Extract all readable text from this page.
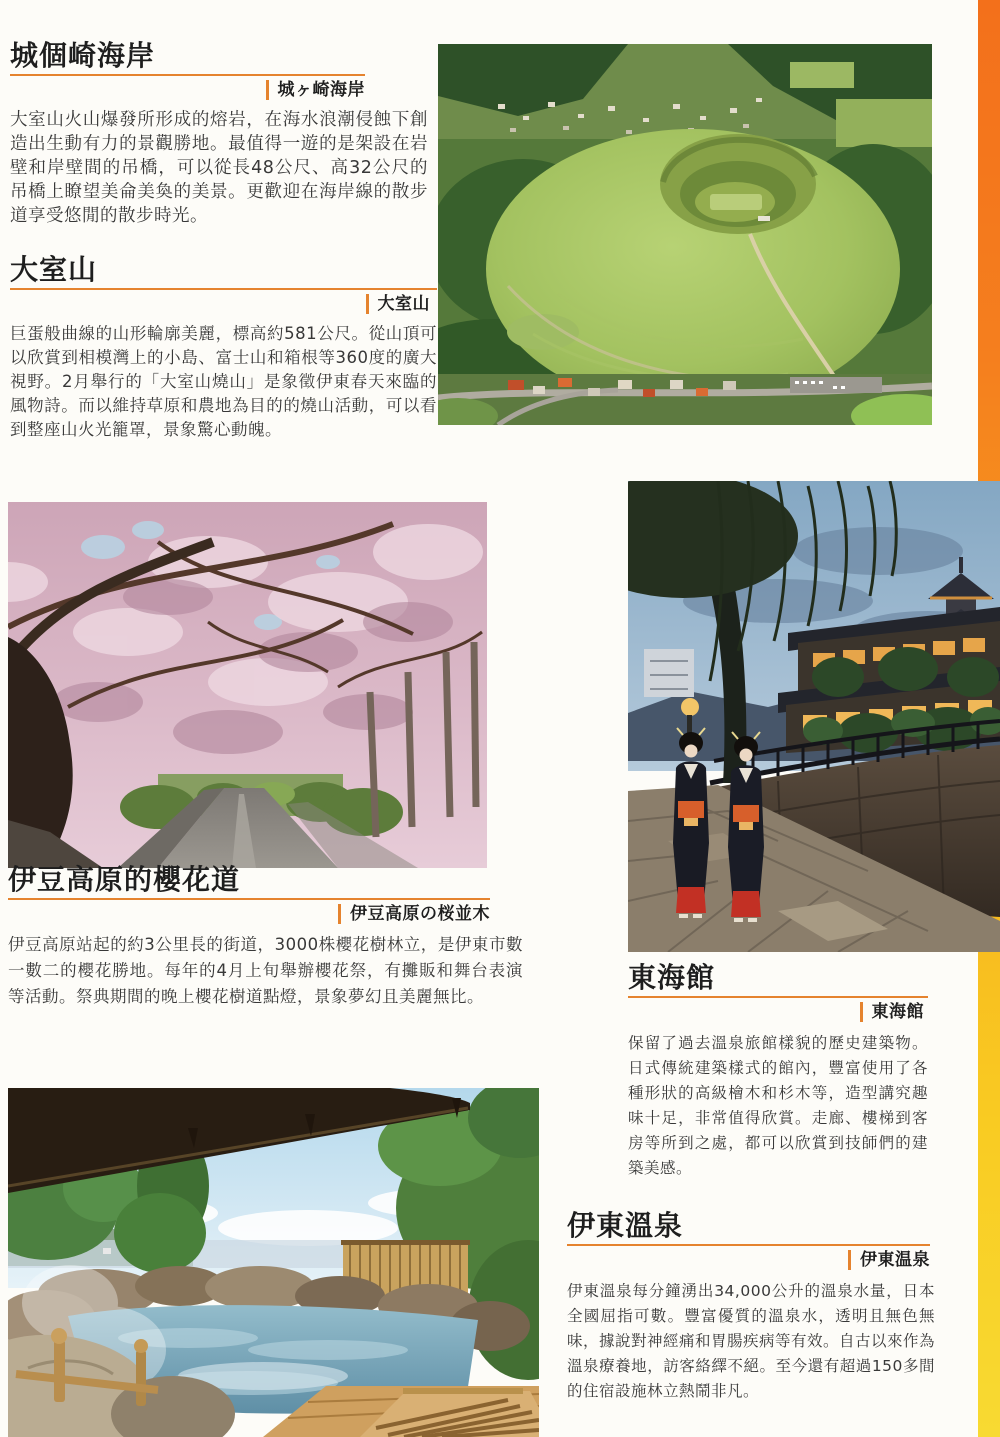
城個崎海岸
城ヶ崎海岸

大室山火山爆發所形成的熔岩，在海水浪潮侵蝕下創造出生動有力的景觀勝地。最值得一遊的是架設在岩壁和岸壁間的吊橋，可以從長48公尺、高32公尺的吊橋上瞭望美侖美奐的美景。更歡迎在海岸線的散步道享受悠閒的散步時光。

大室山
大室山

巨蛋般曲線的山形輪廓美麗，標高約581公尺。從山頂可以欣賞到相模灣上的小島、富士山和箱根等360度的廣大視野。2月舉行的「大室山燒山」是象徵伊東春天來臨的風物詩。而以維持草原和農地為目的的燒山活動，可以看到整座山火光籠罩，景象驚心動魄。

伊豆高原的櫻花道
伊豆高原の桜並木

伊豆高原站起的約3公里長的街道，3000株櫻花樹林立，是伊東市數一數二的櫻花勝地。每年的4月上旬舉辦櫻花祭，有攤販和舞台表演等活動。祭典期間的晚上櫻花樹道點燈，景象夢幻且美麗無比。

東海館
東海館

保留了過去溫泉旅館樣貌的歷史建築物。日式傳統建築樣式的館內，豐富使用了各種形狀的高級檜木和杉木等，造型講究趣味十足，非常值得欣賞。走廊、樓梯到客房等所到之處，都可以欣賞到技師們的建築美感。

伊東溫泉
伊東温泉

伊東溫泉每分鐘湧出34,000公升的溫泉水量，日本全國屈指可數。豐富優質的溫泉水，透明且無色無味，據說對神經痛和胃腸疾病等有效。自古以來作為溫泉療養地，訪客絡繹不絕。至今還有超過150多間的住宿設施林立熱鬧非凡。
